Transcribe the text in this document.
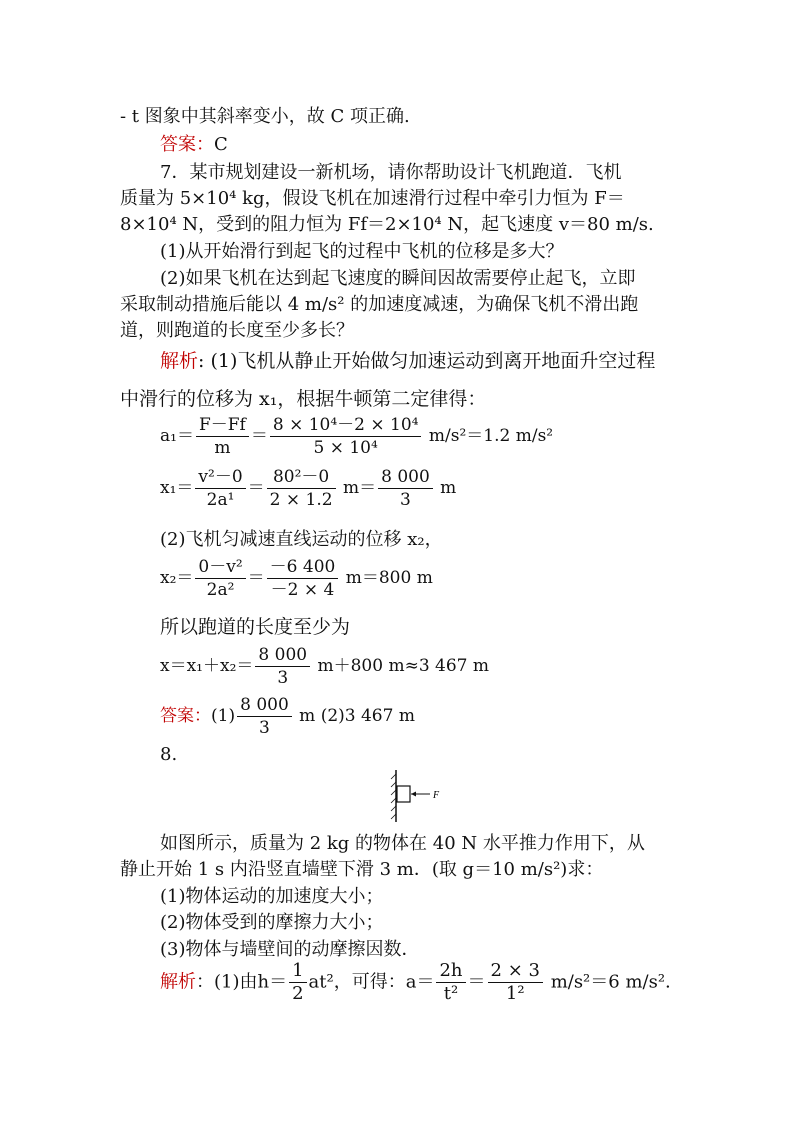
- t 图象中其斜率变小，故 C 项正确.
答案：C
7．某市规划建设一新机场，请你帮助设计飞机跑道．飞机
质量为 5×10⁴ kg，假设飞机在加速滑行过程中牵引力恒为 F＝
8×10⁴ N，受到的阻力恒为 Ff＝2×10⁴ N，起飞速度 v＝80 m/s.
(1)从开始滑行到起飞的过程中飞机的位移是多大？
(2)如果飞机在达到起飞速度的瞬间因故需要停止起飞，立即
采取制动措施后能以 4 m/s² 的加速度减速，为确保飞机不滑出跑
道，则跑道的长度至少多长？
解析: (1)飞机从静止开始做匀加速运动到离开地面升空过程
中滑行的位移为 x₁，根据牛顿第二定律得：
$a_1= \frac{F-Ff}{m} = \frac{\text{8 × 10⁴－2 × 10⁴}}{\text{5 × 10⁴}} m/s^2=1.2$ m/s²
$x_1= \frac{\text{v²－0}}{\text{2a¹}} = \frac{\text{80²－0}}{2 \times 1.2} m= \frac{8 000}{3}$ m
(2)飞机匀减速直线运动的位移 x₂，
$x_2= \frac{\text{0－v²}}{\text{2a²}} = \frac{-6 400}{-2 \times 4} m=800$ m
所以跑道的长度至少为
$x=x_1+x_2= \frac{8 000}{3} m+800$ m≈3 467 m
答案：$(1) \frac{8 000}{3}$ m (2)3 467 m
8.
F
如图所示，质量为 2 kg 的物体在 40 N 水平推力作用下，从
静止开始 1 s 内沿竖直墙壁下滑 3 m．(取 g＝10 m/s²)求：
(1)物体运动的加速度大小；
(2)物体受到的摩擦力大小；
(3)物体与墙壁间的动摩擦因数．
解析：(1)由$h= \frac{1}{2} at^2$，可得：$a= \frac{2h}{\text{t²}} = \frac{2 \times 3}{\text{1²}} m/s^2=6$ m/s².
